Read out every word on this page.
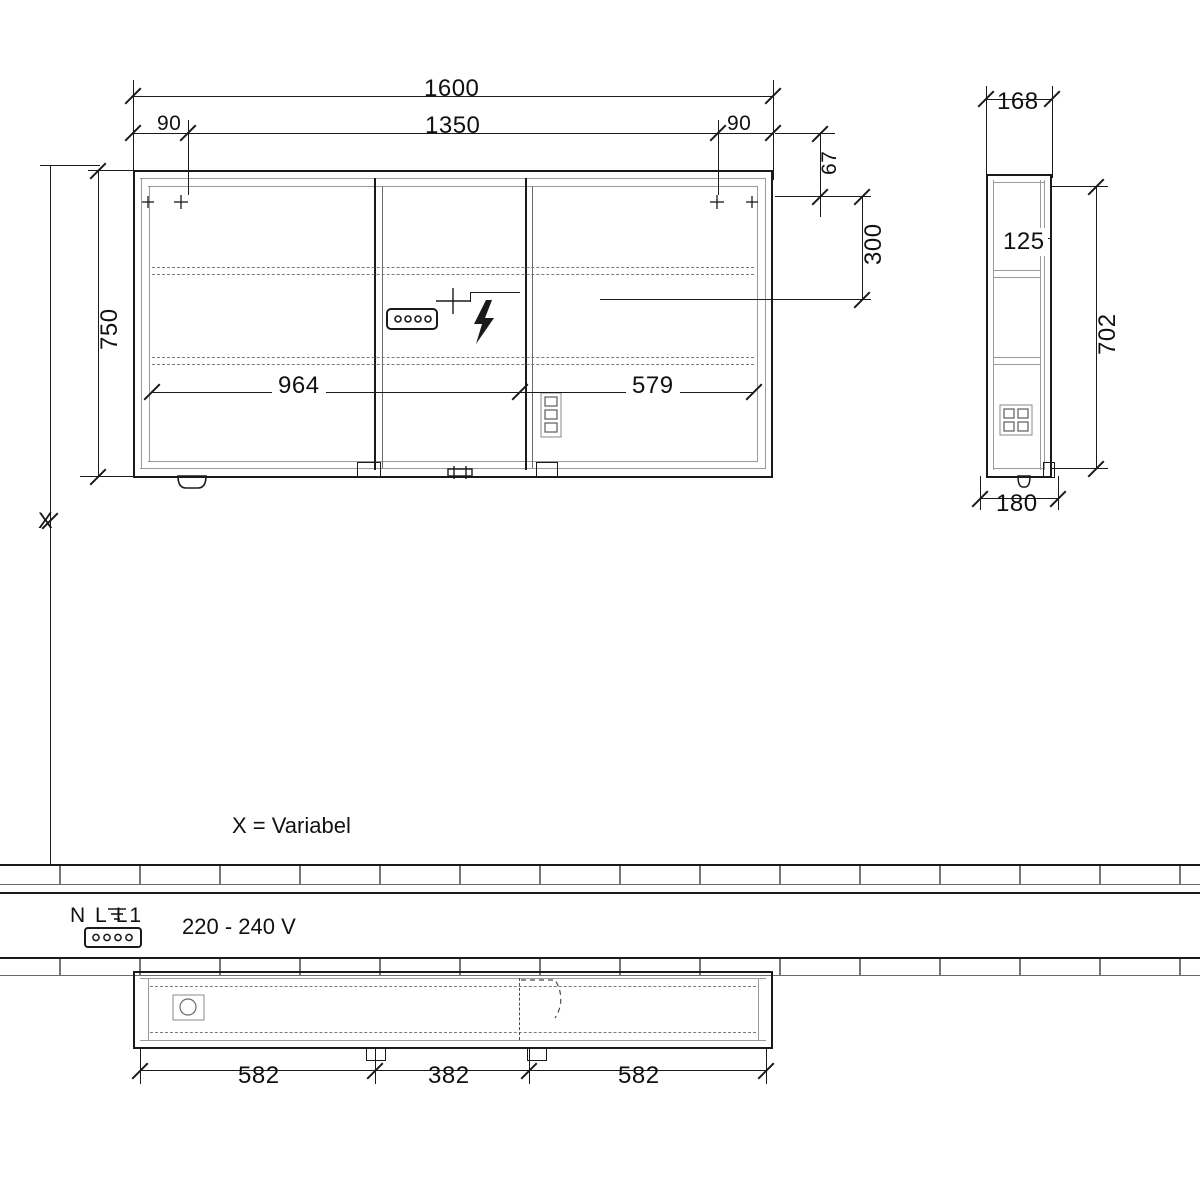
1600
90	1350	90
67
300
750
964	579
168
125
702
180
X
X = Variabel
N L L1 220 - 240 V
582	382	582
